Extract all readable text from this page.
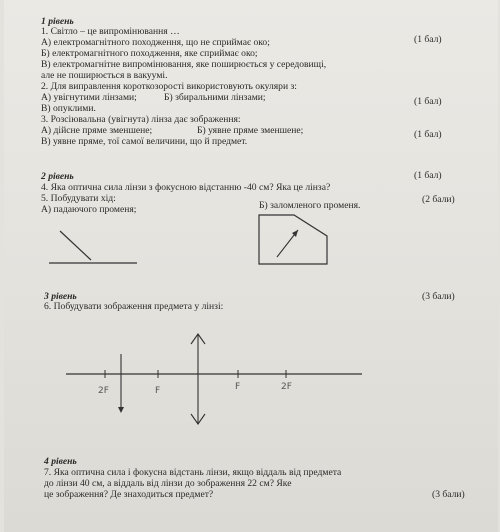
1 рівень
1. Світло – це випромінювання …
А) електромагнітного походження, що не сприймає око;	(1 бал)
Б) електромагнітного походження, яке сприймає око;
В) електромагнітне випромінювання, яке поширюється у середовищі,
але не поширюється в вакуумі.
2. Для виправлення короткозорості використовують окуляри з:
А) увігнутими лінзами;	Б) збиральними лінзами;	(1 бал)
В) опуклими.
3. Розсіювальна (увігнута) лінза дає зображення:
А) дійсне пряме зменшене;	Б) уявне пряме зменшене;	(1 бал)
В) уявне пряме, тої самої величини, що й предмет.
2 рівень
4. Яка оптична сила лінзи з фокусною відстанню -40 см? Яка це лінза?
(1 бал)
5. Побудувати хід:	(2 бали)
А) падаючого променя;	Б) заломленого променя.
3 рівень
6. Побудувати зображення предмета у лінзі:
(3 бали)
2F	F	F	2F
4 рівень
7. Яка оптична сила і фокусна відстань лінзи, якщо віддаль від предмета
до лінзи 40 см, а віддаль від лінзи до зображення 22 см? Яке
це зображення? Де знаходиться предмет?	(3 бали)
